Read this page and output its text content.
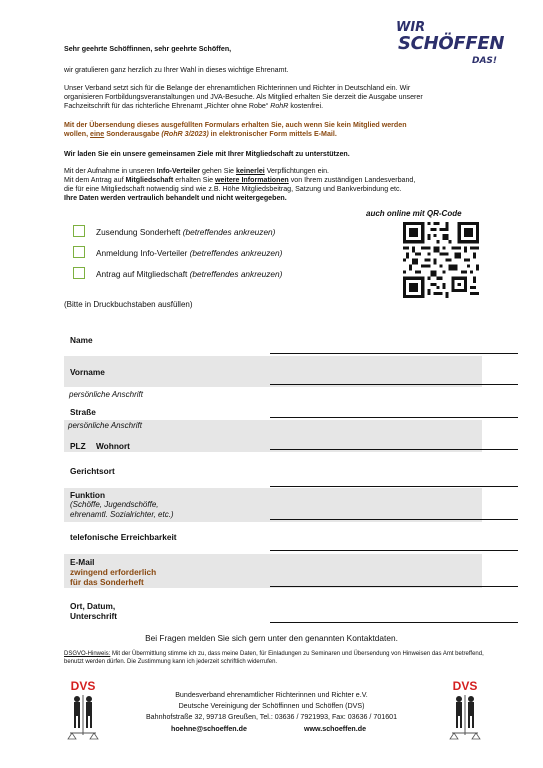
WIR
SCHÖFFEN
DAS!
Sehr geehrte Schöffinnen, sehr geehrte Schöffen,
wir gratulieren ganz herzlich zu Ihrer Wahl in dieses wichtige Ehrenamt.
Unser Verband setzt sich für die Belange der ehrenamtlichen Richterinnen und Richter in Deutschland ein. Wir
organisieren Fortbildungsveranstaltungen und JVA-Besuche. Als Mitglied erhalten Sie derzeit die Ausgabe unserer
Fachzeitschrift für das richterliche Ehrenamt „Richter ohne Robe“ RohR kostenfrei.
Mit der Übersendung dieses ausgefüllten Formulars erhalten Sie, auch wenn Sie kein Mitglied werden
wollen, eine Sonderausgabe (RohR 3/2023) in elektronischer Form mittels E-Mail.
Wir laden Sie ein unsere gemeinsamen Ziele mit Ihrer Mitgliedschaft zu unterstützen.
Mit der Aufnahme in unseren Info-Verteiler gehen Sie keinerlei Verpflichtungen ein.
Mit dem Antrag auf Mitgliedschaft erhalten Sie weitere Informationen von Ihrem zuständigen Landesverband,
die für eine Mitgliedschaft notwendig sind wie z.B. Höhe Mitgliedsbeitrag, Satzung und Bankverbindung etc.
Ihre Daten werden vertraulich behandelt und nicht weitergegeben.
auch online mit QR-Code
Zusendung Sonderheft (betreffendes ankreuzen)
Anmeldung Info-Verteiler (betreffendes ankreuzen)
Antrag auf Mitgliedschaft (betreffendes ankreuzen)
(Bitte in Druckbuchstaben ausfüllen)
Name
Vorname
persönliche Anschrift
Straße
persönliche Anschrift
PLZ Wohnort
Gerichtsort
Funktion
(Schöffe, Jugendschöffe,
ehrenamtl. Sozialrichter, etc.)
telefonische Erreichbarkeit
E-Mail
zwingend erforderlich
für das Sonderheft
Ort, Datum,
Unterschrift
Bei Fragen melden Sie sich gern unter den genannten Kontaktdaten.
DSGVO-Hinweis: Mit der Übermittlung stimme ich zu, dass meine Daten, für Einladungen zu Seminaren und Übersendung von Hinweisen das Amt betreffend, benutzt werden dürfen. Die Zustimmung kann ich jederzeit schriftlich widerrufen.
DVS	DVS
Bundesverband ehrenamtlicher Richterinnen und Richter e.V.
Deutsche Vereinigung der Schöffinnen und Schöffen (DVS)
Bahnhofstraße 32, 99718 Greußen, Tel.: 03636 / 7921993, Fax: 03636 / 701601
hoehne@schoeffen.de	www.schoeffen.de
